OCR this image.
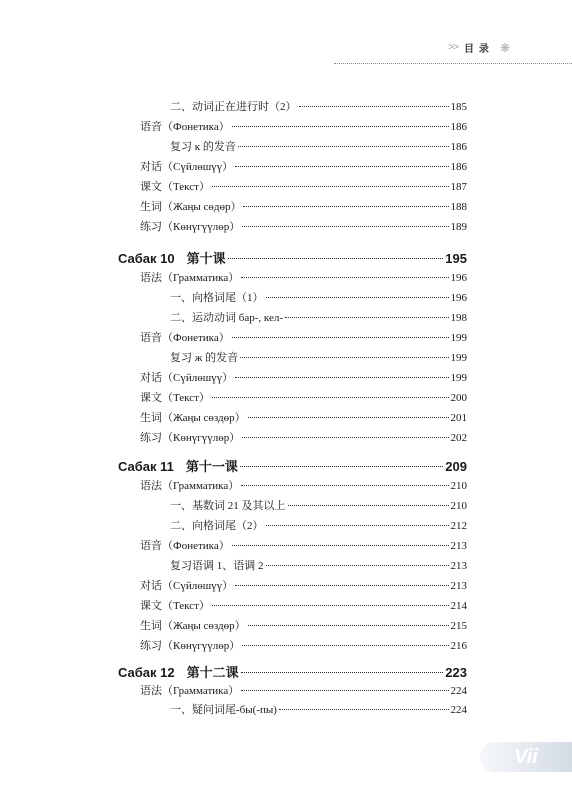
>> 目录 ❋
二、动词正在进行时（2）	185
语音（Фонетика）	186
复习 к 的发音	186
对话（Сүйлөшүү）	186
课文（Текст）	187
生词（Жаңы сөдөр）	188
练习（Көнүгүүлөр）	189
Сабак 10 第十课	195
语法（Грамматика）	196
一、向格词尾（1）	196
二、运动动词 бар-, кел-	198
语音（Фонетика）	199
复习 ж 的发音	199
对话（Сүйлөшүү）	199
课文（Текст）	200
生词（Жаңы сөздөр）	201
练习（Көнүгүүлөр）	202
Сабак 11 第十一课	209
语法（Грамматика）	210
一、基数词 21 及其以上	210
二、向格词尾（2）	212
语音（Фонетика）	213
复习语调 1、语调 2	213
对话（Сүйлөшүү）	213
课文（Текст）	214
生词（Жаңы сөздөр）	215
练习（Көнүгүүлөр）	216
Сабак 12 第十二课	223
语法（Грамматика）	224
一、疑问词尾-бы(-пы)	224
Vii
